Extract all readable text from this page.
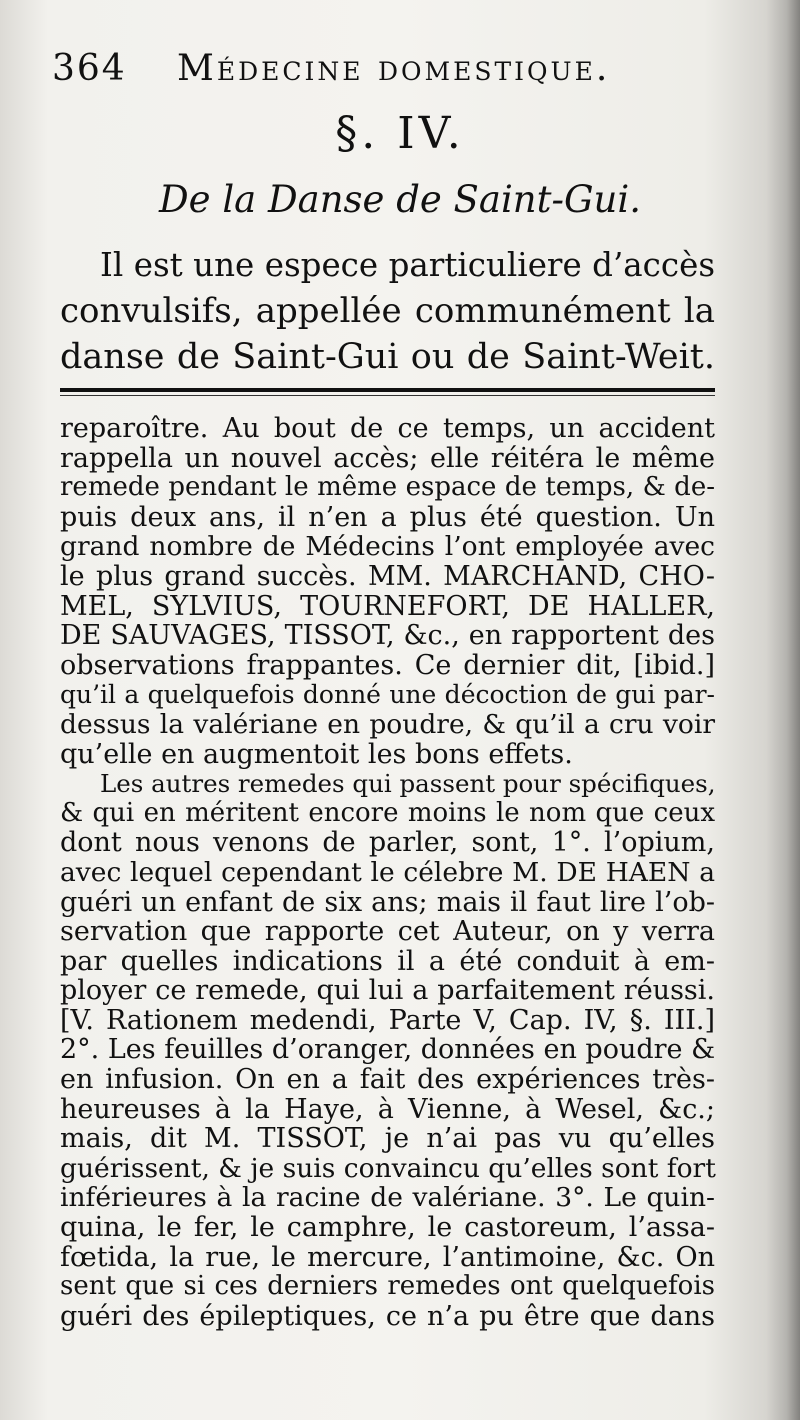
364 Médecine domestique.
§. IV.
De la Danse de Saint-Gui.
Il est une espece particuliere d’accès
convulsifs, appellée communément la
danse de Saint-Gui ou de Saint-Weit.
reparoître. Au bout de ce temps, un accident
rappella un nouvel accès; elle réitéra le même
remede pendant le même espace de temps, & de-
puis deux ans, il n’en a plus été question. Un
grand nombre de Médecins l’ont employée avec
le plus grand succès. MM. MARCHAND, CHO-
MEL, SYLVIUS, TOURNEFORT, DE HALLER,
DE SAUVAGES, TISSOT, &c., en rapportent des
observations frappantes. Ce dernier dit, [ibid.]
qu’il a quelquefois donné une décoction de gui par-
dessus la valériane en poudre, & qu’il a cru voir
qu’elle en augmentoit les bons effets.
Les autres remedes qui passent pour spécifiques,
& qui en méritent encore moins le nom que ceux
dont nous venons de parler, sont, 1°. l’opium,
avec lequel cependant le célebre M. DE HAEN a
guéri un enfant de six ans; mais il faut lire l’ob-
servation que rapporte cet Auteur, on y verra
par quelles indications il a été conduit à em-
ployer ce remede, qui lui a parfaitement réussi.
[V. Rationem medendi, Parte V, Cap. IV, §. III.]
2°. Les feuilles d’oranger, données en poudre &
en infusion. On en a fait des expériences très-
heureuses à la Haye, à Vienne, à Wesel, &c.;
mais, dit M. TISSOT, je n’ai pas vu qu’elles
guérissent, & je suis convaincu qu’elles sont fort
inférieures à la racine de valériane. 3°. Le quin-
quina, le fer, le camphre, le castoreum, l’assa-
fœtida, la rue, le mercure, l’antimoine, &c. On
sent que si ces derniers remedes ont quelquefois
guéri des épileptiques, ce n’a pu être que dans
